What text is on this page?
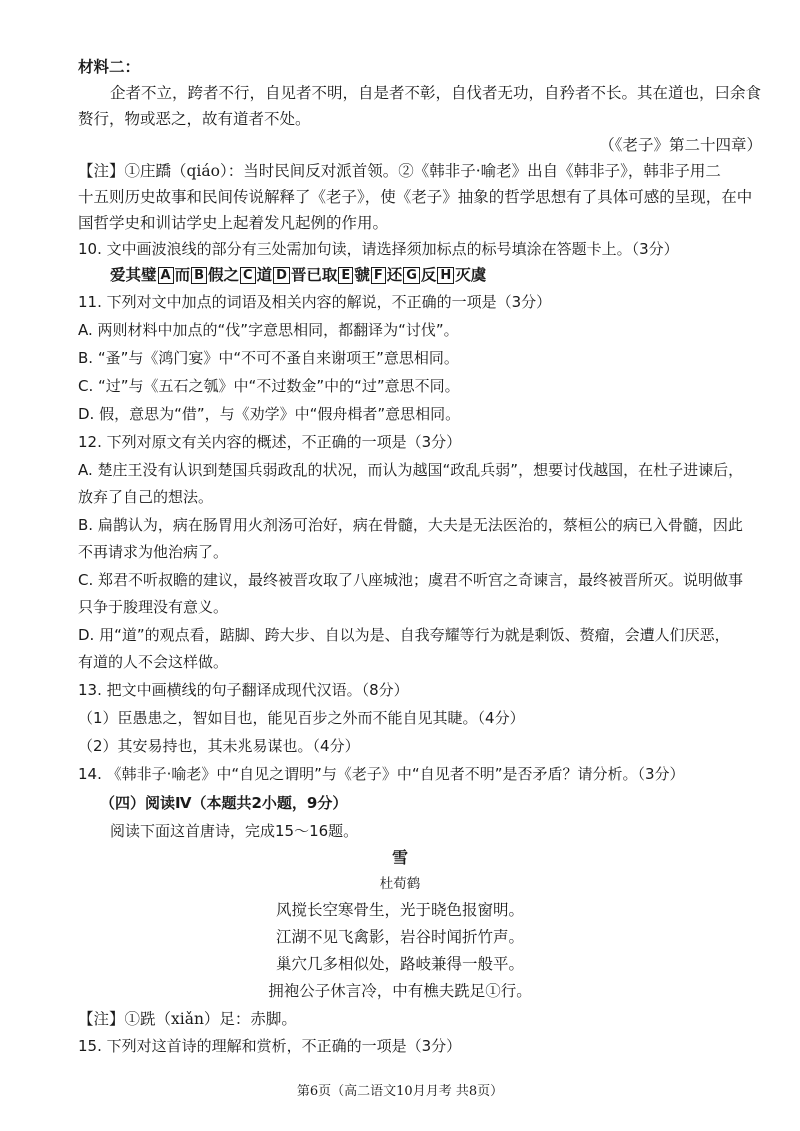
材料二：
企者不立，跨者不行，自见者不明，自是者不彰，自伐者无功，自矜者不长。其在道也，曰余食
赘行，物或恶之，故有道者不处。
（《老子》第二十四章）
【注】①庄蹻（qiáo）：当时民间反对派首领。②《韩非子·喻老》出自《韩非子》，韩非子用二
十五则历史故事和民间传说解释了《老子》，使《老子》抽象的哲学思想有了具体可感的呈现，在中
国哲学史和训诂学史上起着发凡起例的作用。
10. 文中画波浪线的部分有三处需加句读，请选择须加标点的标号填涂在答题卡上。（3分）
爱其璧 A 而 B 假之 C 道 D 晋已取 E 虢 F 还 G 反 H 灭虞
11. 下列对文中加点的词语及相关内容的解说，不正确的一项是（3分）
A. 两则材料中加点的“伐”字意思相同，都翻译为“讨伐”。
B. “蚤”与《鸿门宴》中“不可不蚤自来谢项王”意思相同。
C. “过”与《五石之瓠》中“不过数金”中的“过”意思不同。
D. 假，意思为“借”，与《劝学》中“假舟楫者”意思相同。
12. 下列对原文有关内容的概述，不正确的一项是（3分）
A. 楚庄王没有认识到楚国兵弱政乱的状况，而认为越国“政乱兵弱”，想要讨伐越国，在杜子进谏后，
放弃了自己的想法。
B. 扁鹊认为，病在肠胃用火剂汤可治好，病在骨髓，大夫是无法医治的，蔡桓公的病已入骨髓，因此
不再请求为他治病了。
C. 郑君不听叔瞻的建议，最终被晋攻取了八座城池；虞君不听宫之奇谏言，最终被晋所灭。说明做事
只争于朘理没有意义。
D. 用“道”的观点看，踮脚、跨大步、自以为是、自我夸耀等行为就是剩饭、赘瘤，会遭人们厌恶，
有道的人不会这样做。
13. 把文中画横线的句子翻译成现代汉语。（8分）
（1）臣愚患之，智如目也，能见百步之外而不能自见其睫。（4分）
（2）其安易持也，其未兆易谋也。（4分）
14. 《韩非子·喻老》中“自见之谓明”与《老子》中“自见者不明”是否矛盾？请分析。（3分）
（四）阅读Ⅳ（本题共2小题，9分）
阅读下面这首唐诗，完成15～16题。
雪
杜荀鹤
风搅长空寒骨生，光于晓色报窗明。
江湖不见飞禽影，岩谷时闻折竹声。
巢穴几多相似处，路岐兼得一般平。
拥袍公子休言冷，中有樵夫跣足①行。
【注】①跣（xiǎn）足：赤脚。
15. 下列对这首诗的理解和赏析，不正确的一项是（3分）
第6页（高二语文10月月考 共8页）
